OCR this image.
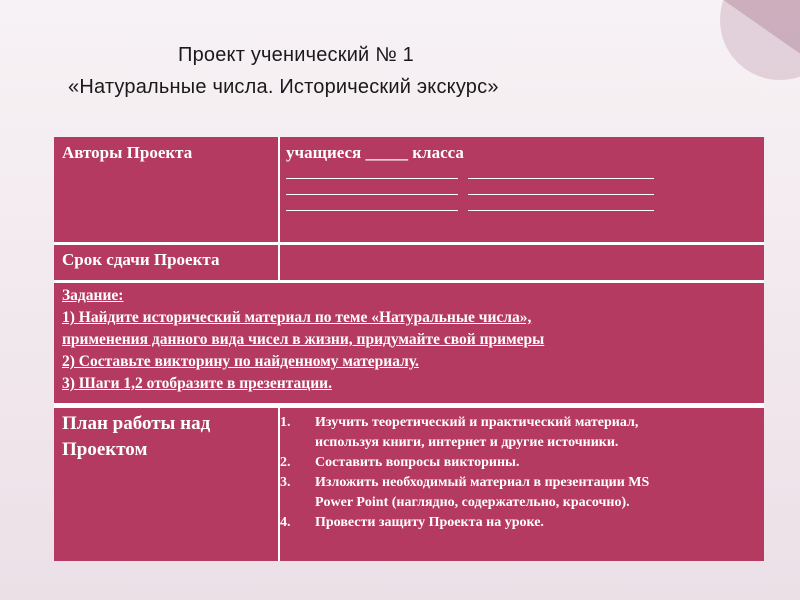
Проект ученический № 1
«Натуральные числа. Исторический экскурс»
Авторы Проекта	учащиеся _____ класса
Срок сдачи Проекта
Задание:
1) Найдите исторический материал по теме «Натуральные числа»,
применения данного вида чисел в жизни, придумайте свой примеры
2) Составьте викторину по найденному материалу.
3) Шаги 1,2 отобразите в презентации.
План работы над
Проектом
1. Изучить теоретический и практический материал,
используя книги, интернет и другие источники.
2. Составить вопросы викторины.
3. Изложить необходимый материал в презентации MS
Power Point (наглядно, содержательно, красочно).
4. Провести защиту Проекта на уроке.
